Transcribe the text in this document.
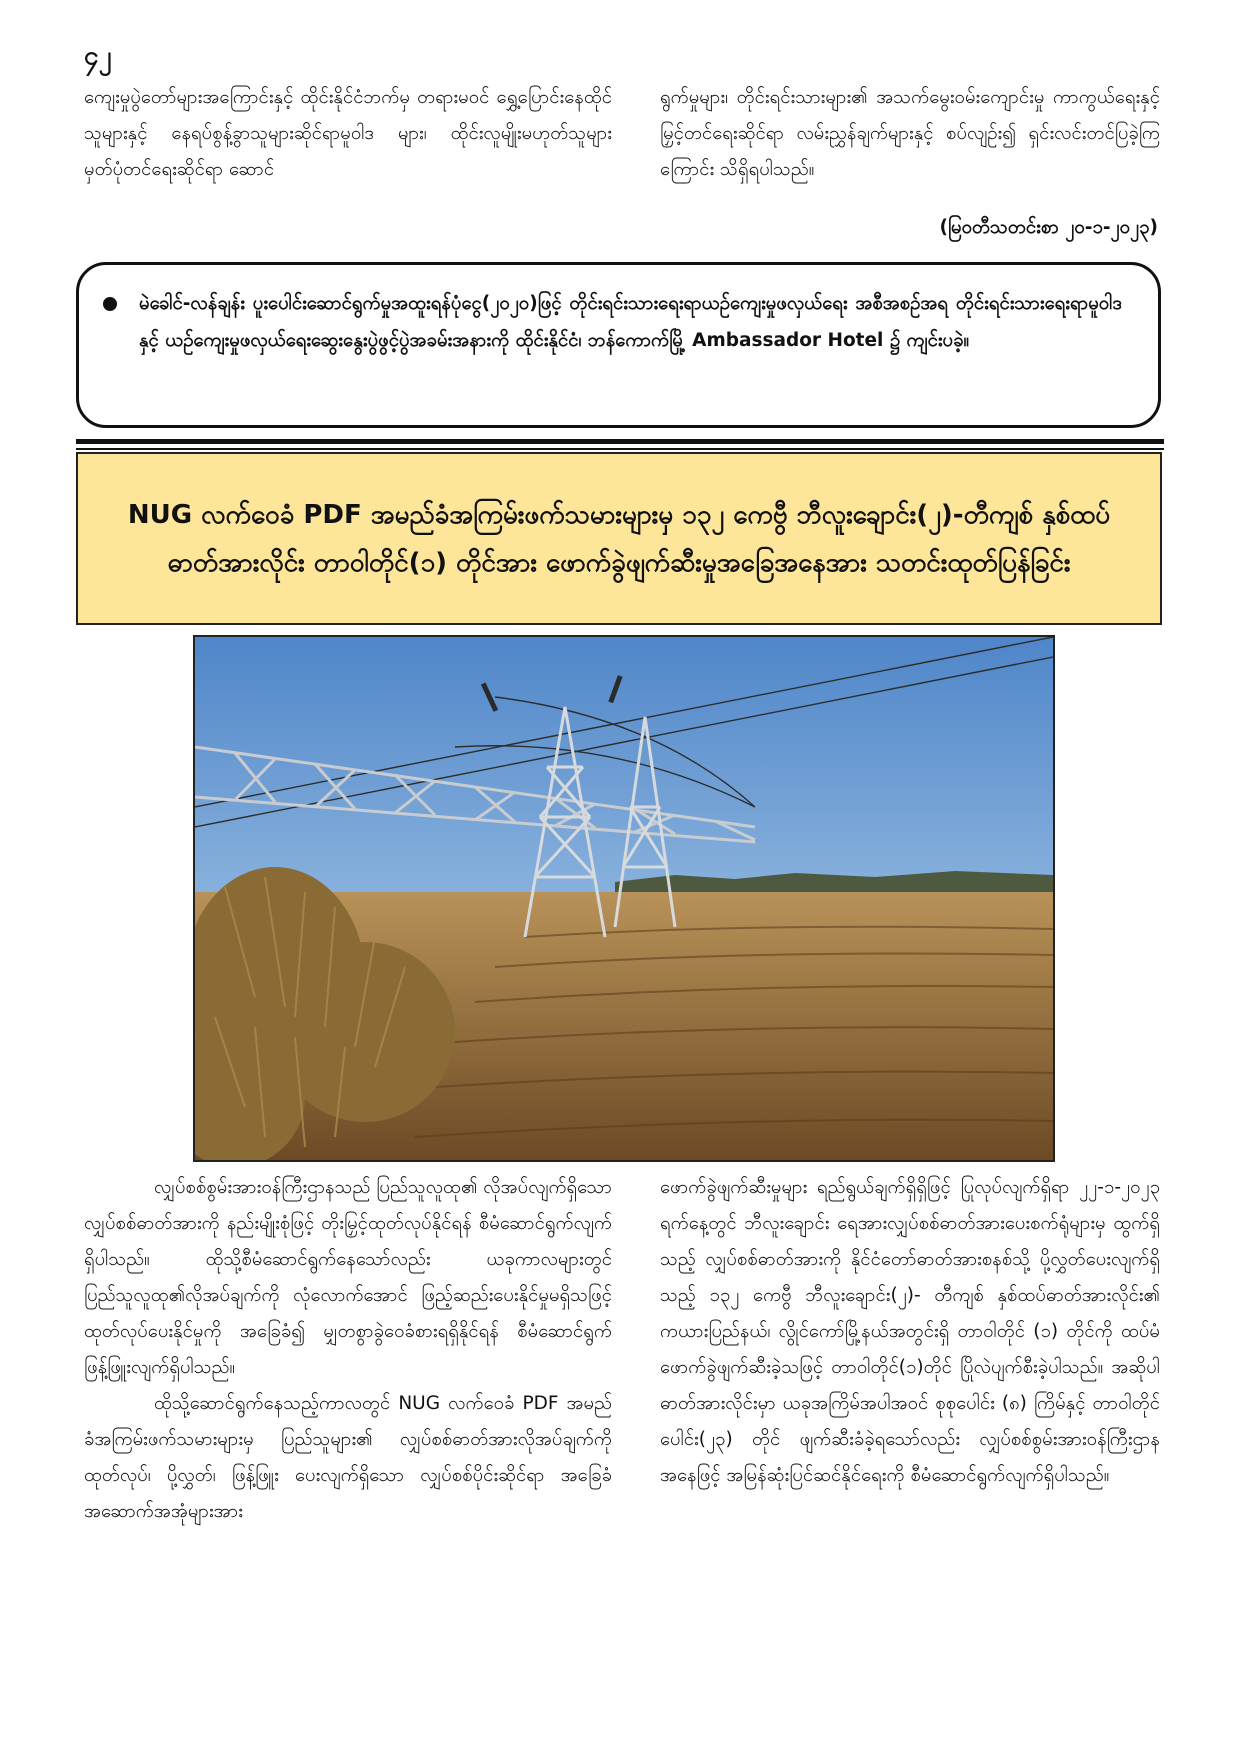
၄၂

ကျေးမှုပွဲတော်များအကြောင်းနှင့် ထိုင်းနိုင်ငံဘက်မှ တရားမဝင် ရွှေ့ပြောင်းနေထိုင်သူများနှင့် နေရပ်စွန့်ခွာသူများဆိုင်ရာမူဝါဒ များ၊ ထိုင်းလူမျိုးမဟုတ်သူများ မှတ်ပုံတင်ရေးဆိုင်ရာ ဆောင်

ရွက်မှုများ၊ တိုင်းရင်းသားများ၏ အသက်မွေးဝမ်းကျောင်းမှု ကာကွယ်ရေးနှင့် မြှင့်တင်ရေးဆိုင်ရာ လမ်းညွှန်ချက်များနှင့် စပ်လျဉ်း၍ ရှင်းလင်းတင်ပြခဲ့ကြကြောင်း သိရှိရပါသည်။

(မြဝတီသတင်းစာ ၂၀-၁-၂၀၂၃)
မဲခေါင်-လန်ချန်း ပူးပေါင်းဆောင်ရွက်မှုအထူးရန်ပုံငွေ(၂၀၂၀)ဖြင့် တိုင်းရင်းသားရေးရာယဉ်ကျေးမှုဖလှယ်ရေး အစီအစဉ်အရ တိုင်းရင်းသားရေးရာမူဝါဒနှင့် ယဉ်ကျေးမှုဖလှယ်ရေးဆွေးနွေးပွဲဖွင့်ပွဲအခမ်းအနားကို ထိုင်းနိုင်ငံ၊ ဘန်ကောက်မြို့ Ambassador Hotel ၌ ကျင်းပခဲ့။
NUG လက်ဝေခံ PDF အမည်ခံအကြမ်းဖက်သမားများမှ ၁၃၂ ကေဗွီ ဘီလူးချောင်း(၂)-တီကျစ် နှစ်ထပ်ဓာတ်အားလိုင်း တာဝါတိုင်(၁) တိုင်အား ဖောက်ခွဲဖျက်ဆီးမှုအခြေအနေအား သတင်းထုတ်ပြန်ခြင်း

လျှပ်စစ်စွမ်းအားဝန်ကြီးဌာနသည် ပြည်သူလူထု၏ လိုအပ်လျက်ရှိသော လျှပ်စစ်ဓာတ်အားကို နည်းမျိုးစုံဖြင့် တိုးမြှင့်ထုတ်လုပ်နိုင်ရန် စီမံဆောင်ရွက်လျက်ရှိပါသည်။ ထိုသို့စီမံဆောင်ရွက်နေသော်လည်း ယခုကာလများတွင် ပြည်သူလူထု၏လိုအပ်ချက်ကို လုံလောက်အောင် ဖြည့်ဆည်းပေးနိုင်မှုမရှိသဖြင့် ထုတ်လုပ်ပေးနိုင်မှုကို အခြေခံ၍ မျှတစွာခွဲဝေခံစားရရှိနိုင်ရန် စီမံဆောင်ရွက်ဖြန့်ဖြူးလျက်ရှိပါသည်။

ထိုသို့ဆောင်ရွက်နေသည့်ကာလတွင် NUG လက်ဝေခံ PDF အမည်ခံအကြမ်းဖက်သမားများမှ ပြည်သူများ၏ လျှပ်စစ်ဓာတ်အားလိုအပ်ချက်ကို ထုတ်လုပ်၊ ပို့လွှတ်၊ ဖြန့်ဖြူး ပေးလျက်ရှိသော လျှပ်စစ်ပိုင်းဆိုင်ရာ အခြေခံအဆောက်အအုံများအား

ဖောက်ခွဲဖျက်ဆီးမှုများ ရည်ရွယ်ချက်ရှိရှိဖြင့် ပြုလုပ်လျက်ရှိရာ ၂၂-၁-၂၀၂၃ ရက်နေ့တွင် ဘီလူးချောင်း ရေအားလျှပ်စစ်ဓာတ်အားပေးစက်ရုံများမှ ထွက်ရှိသည့် လျှပ်စစ်ဓာတ်အားကို နိုင်ငံတော်ဓာတ်အားစနစ်သို့ ပို့လွှတ်ပေးလျက်ရှိသည့် ၁၃၂ ကေဗွီ ဘီလူးချောင်း(၂)- တီကျစ် နှစ်ထပ်ဓာတ်အားလိုင်း၏ ကယားပြည်နယ်၊ လွိုင်ကော်မြို့နယ်အတွင်းရှိ တာဝါတိုင် (၁) တိုင်ကို ထပ်မံဖောက်ခွဲဖျက်ဆီးခဲ့သဖြင့် တာဝါတိုင်(၁)တိုင် ပြိုလဲပျက်စီးခဲ့ပါသည်။ အဆိုပါဓာတ်အားလိုင်းမှာ ယခုအကြိမ်အပါအဝင် စုစုပေါင်း (၈) ကြိမ်နှင့် တာဝါတိုင်ပေါင်း(၂၃) တိုင် ဖျက်ဆီးခံခဲ့ရသော်လည်း လျှပ်စစ်စွမ်းအားဝန်ကြီးဌာနအနေဖြင့် အမြန်ဆုံးပြင်ဆင်နိုင်ရေးကို စီမံဆောင်ရွက်လျက်ရှိပါသည်။
